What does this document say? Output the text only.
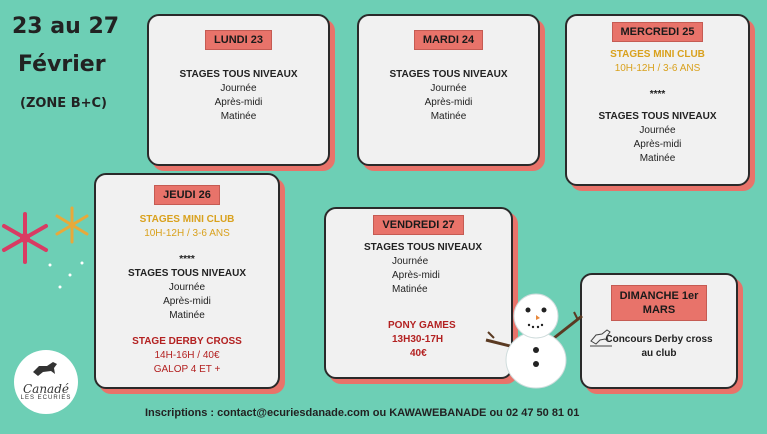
23 au 27
Février
(ZONE B+C)
LUNDI 23
STAGES TOUS NIVEAUX
Journée
Après-midi
Matinée
MARDI 24
STAGES TOUS NIVEAUX
Journée
Après-midi
Matinée
MERCREDI 25
STAGES MINI CLUB
10H-12H / 3-6 ANS
****
STAGES TOUS NIVEAUX
Journée
Après-midi
Matinée
JEUDI 26
STAGES MINI CLUB
10H-12H / 3-6 ANS
****
STAGES TOUS NIVEAUX
Journée
Après-midi
Matinée
STAGE DERBY CROSS
14H-16H / 40€
GALOP 4 ET +
VENDREDI 27
STAGES TOUS NIVEAUX
Journée
Après-midi
Matinée
PONY GAMES
13H30-17H
40€
DIMANCHE 1er
MARS
Concours Derby cross
au club
Canadé
LES ECURIES
Inscriptions : contact@ecuriesdanade.com ou KAWAWEBANADE ou 02 47 50 81 01
